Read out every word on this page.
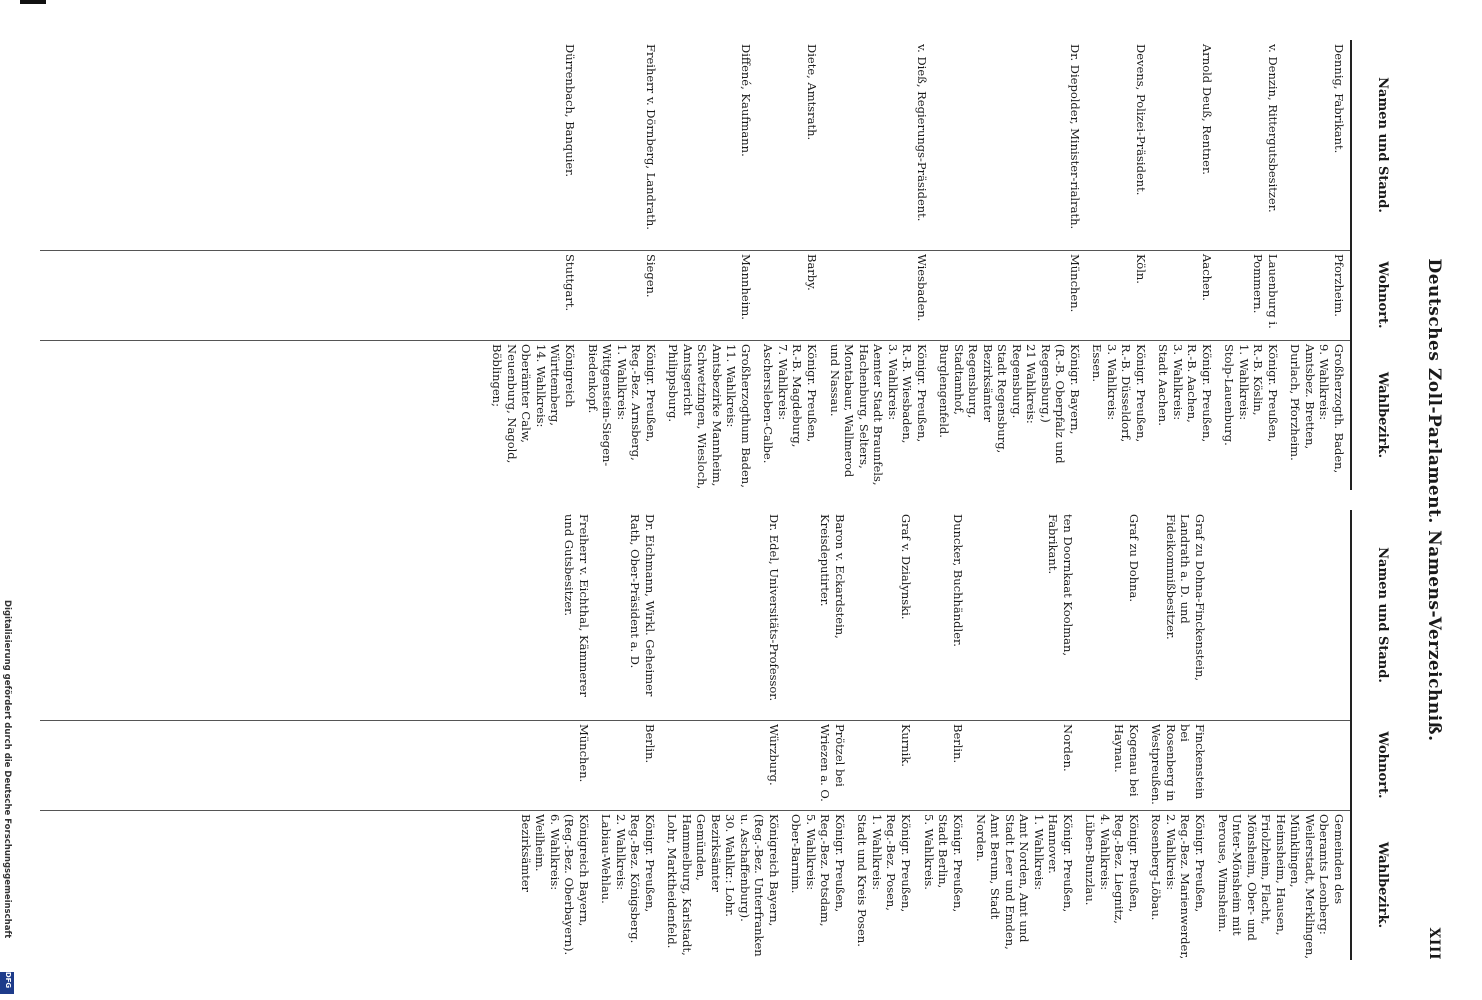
Deutsches Zoll-Parlament. Namens-Verzeichniß.
XIII
Namen und Stand.
Wohnort.
Wahlbezirk.
Dennig, Fabrikant.
Pforzheim.
Großherzogth. Baden,
9. Wahlkreis:
Amtsbez. Bretten, Durlach, Pforzheim.
v. Denzin, Rittergutsbesitzer.
Lauenburg i. Pommern.
Königr. Preußen,
R.-B. Köslin,
1. Wahlkreis:
Stolp-Lauenburg.
Arnold Deuß, Rentner.
Aachen.
Königr. Preußen,
R.-B. Aachen,
3. Wahlkreis:
Stadt Aachen.
Devens, Polizei-Präsident.
Köln.
Königr. Preußen,
R.-B. Düsseldorf,
3. Wahlkreis:
Essen.
Dr. Diepolder, Minister-rialrath.
München.
Königr. Bayern,
(R.-B. Oberpfalz und Regensburg,)
21 Wahlkreis: Regensburg.
Stadt Regensburg, Bezirksämter Regensburg, Stadtamhof, Burglengenfeld.
v. Dieß, Regierungs-Präsident.
Wiesbaden.
Königr. Preußen,
R.-B. Wiesbaden,
3. Wahlkreis:
Aemter Stadt Braunfels, Hachenburg, Selters, Montabaur, Wallmerod und Nassau.
Diete, Amtsrath.
Barby.
Königr. Preußen,
R.-B. Magdeburg,
7. Wahlkreis:
Aschersleben-Calbe.
Diffené, Kaufmann.
Mannheim.
Großherzogthum Baden,
11. Wahlkreis:
Amtsbezirke Mannheim, Schwetzingen, Wiesloch, Amtsgericht Philippsburg.
Freiherr v. Dörnberg, Landrath.
Siegen.
Königr. Preußen,
Reg.-Bez. Arnsberg,
1. Wahlkreis:
Wittgenstein-Siegen-Biedenkopf.
Dürrenbach, Banquier.
Stuttgart.
Königreich Württemberg,
14. Wahlkreis:
Oberämter Calw, Neuenburg, Nagold, Böblingen;
Namen und Stand.
Wohnort.
Wahlbezirk.
Gemeinden des Oberamts Leonberg: Weilerstadt, Merklingen, Münklingen, Heimsheim, Hausen, Friolzheim, Flacht, Mönsheim, Ober- und Unter-Mönsheim mit Perouse, Wimsheim.
Graf zu Dohna-Finckenstein, Landrath a. D. und Fideikommißbesitzer.
Finckenstein bei Rosenberg in Westpreußen.
Königr. Preußen,
Reg.-Bez. Marienwerder,
2. Wahlkreis:
Rosenberg-Löbau.
Graf zu Dohna.
Kogenau bei Haynau.
Königr. Preußen,
Reg.-Bez. Liegnitz,
4. Wahlkreis:
Lüben-Bunzlau.
ten Doornkaat Koolman, Fabrikant.
Norden.
Königr. Preußen,
Hannover.
1. Wahlkreis:
Amt Norden, Amt und Stadt Leer und Emden, Amt Berum, Stadt Norden.
Duncker, Buchhändler.
Berlin.
Königr. Preußen,
Stadt Berlin,
5. Wahlkreis.
Graf v. Dzialynski.
Kurnik.
Königr. Preußen,
Reg.-Bez. Posen,
1. Wahlkreis:
Stadt und Kreis Posen.
Baron v. Eckardstein, Kreisdeputirter.
Prötzel bei Wriezen a. O.
Königr. Preußen,
Reg.-Bez. Potsdam,
5. Wahlkreis:
Ober-Barnim.
Dr. Edel, Universitäts-Professor.
Würzburg.
Königreich Bayern,
(Reg.-Bez. Unterfranken u. Aschaffenburg).
30. Wahlkr.: Lohr.
Bezirksämter Gemünden, Hammelburg, Karlstadt, Lohr, Marktheidenfeld.
Dr. Eichmann, Wirkl. Geheimer Rath, Ober-Präsident a. D.
Berlin.
Königr. Preußen,
Reg.-Bez. Königsberg.
2. Wahlkreis:
Labiau-Wehlau.
Freiherr v. Eichthal, Kämmerer und Gutsbesitzer.
München.
Königreich Bayern,
(Reg.-Bez. Oberbayern).
6. Wahlkreis:
Weilheim.
Bezirksämter
Digitalisierung gefördert durch die Deutsche Forschungsgemeinschaft
DFG
